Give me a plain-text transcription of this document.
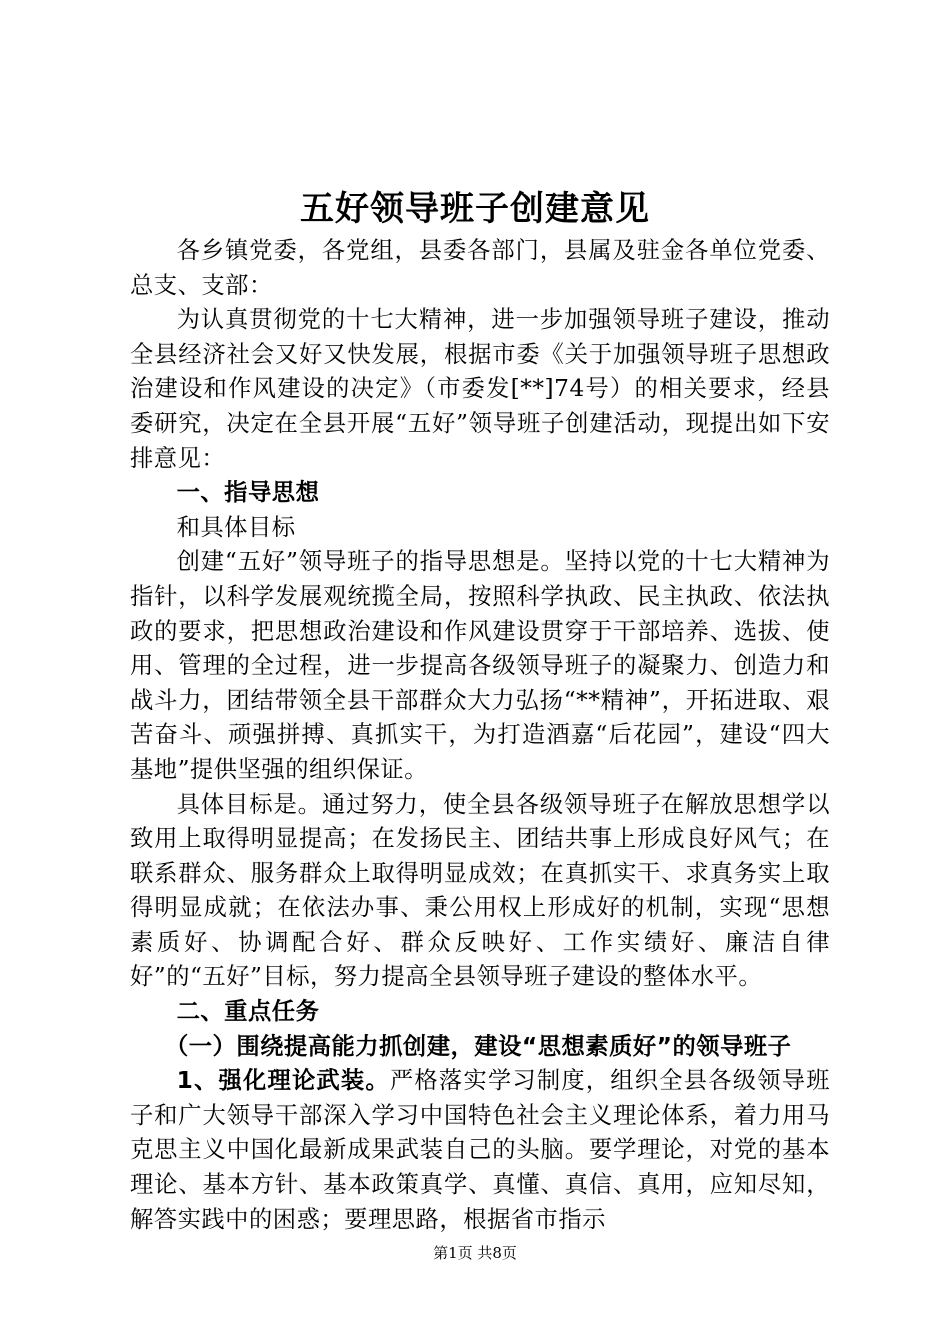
五好领导班子创建意见

各乡镇党委，各党组，县委各部门，县属及驻金各单位党委、总支、支部：

为认真贯彻党的十七大精神，进一步加强领导班子建设，推动全县经济社会又好又快发展，根据市委《关于加强领导班子思想政治建设和作风建设的决定》（市委发[**]74号）的相关要求，经县委研究，决定在全县开展“五好”领导班子创建活动，现提出如下安排意见：

一、指导思想

和具体目标

创建“五好”领导班子的指导思想是。坚持以党的十七大精神为指针，以科学发展观统揽全局，按照科学执政、民主执政、依法执政的要求，把思想政治建设和作风建设贯穿于干部培养、选拔、使用、管理的全过程，进一步提高各级领导班子的凝聚力、创造力和战斗力，团结带领全县干部群众大力弘扬“**精神”，开拓进取、艰苦奋斗、顽强拼搏、真抓实干，为打造酒嘉“后花园”，建设“四大基地”提供坚强的组织保证。

具体目标是。通过努力，使全县各级领导班子在解放思想学以致用上取得明显提高；在发扬民主、团结共事上形成良好风气；在联系群众、服务群众上取得明显成效；在真抓实干、求真务实上取得明显成就；在依法办事、秉公用权上形成好的机制，实现“思想素质好、协调配合好、群众反映好、工作实绩好、廉洁自律好”的“五好”目标，努力提高全县领导班子建设的整体水平。

二、重点任务

（一）围绕提高能力抓创建，建设“思想素质好”的领导班子

1、强化理论武装。严格落实学习制度，组织全县各级领导班子和广大领导干部深入学习中国特色社会主义理论体系，着力用马克思主义中国化最新成果武装自己的头脑。要学理论，对党的基本理论、基本方针、基本政策真学、真懂、真信、真用，应知尽知，解答实践中的困惑；要理思路，根据省市指示

第1页 共8页
